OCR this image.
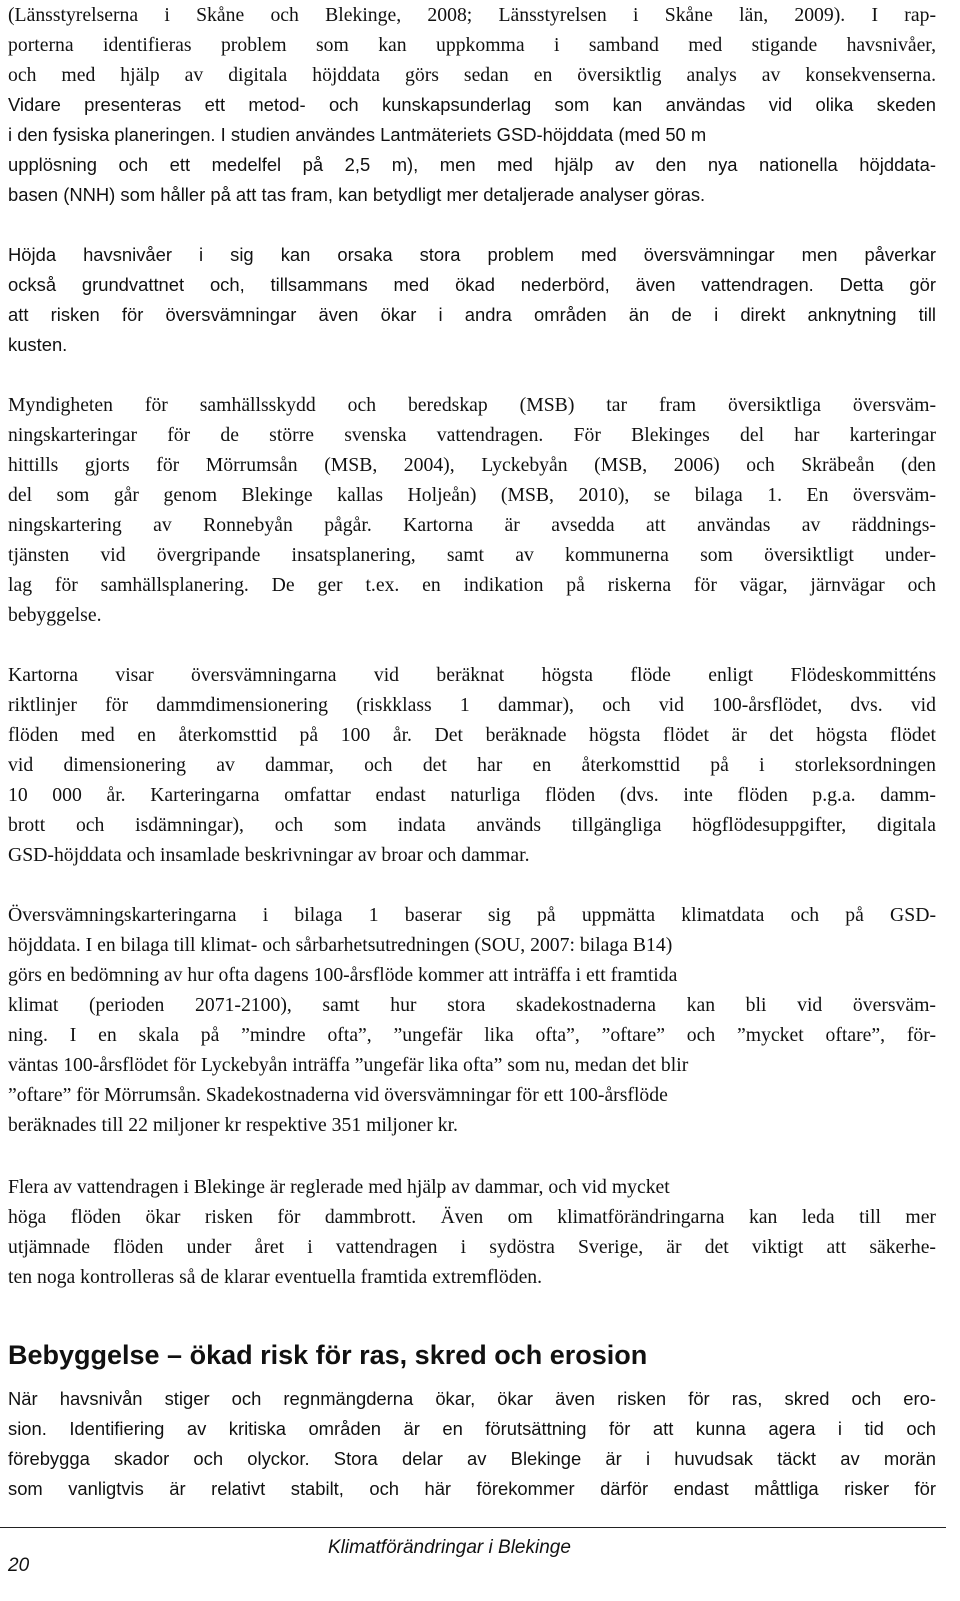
(Länsstyrelserna i Skåne och Blekinge, 2008; Länsstyrelsen i Skåne län, 2009). I rap-
porterna identifieras problem som kan uppkomma i samband med stigande havsnivåer,
och med hjälp av digitala höjddata görs sedan en översiktlig analys av konsekvenserna.
Vidare presenteras ett metod- och kunskapsunderlag som kan användas vid olika skeden
i den fysiska planeringen. I studien användes Lantmäteriets GSD-höjddata (med 50 m
upplösning och ett medelfel på 2,5 m), men med hjälp av den nya nationella höjddata-
basen (NNH) som håller på att tas fram, kan betydligt mer detaljerade analyser göras.
Höjda havsnivåer i sig kan orsaka stora problem med översvämningar men påverkar
också grundvattnet och, tillsammans med ökad nederbörd, även vattendragen. Detta gör
att risken för översvämningar även ökar i andra områden än de i direkt anknytning till
kusten.
Myndigheten för samhällsskydd och beredskap (MSB) tar fram översiktliga översväm-
ningskarteringar för de större svenska vattendragen. För Blekinges del har karteringar
hittills gjorts för Mörrumsån (MSB, 2004), Lyckebyån (MSB, 2006) och Skräbeån (den
del som går genom Blekinge kallas Holjeån) (MSB, 2010), se bilaga 1. En översväm-
ningskartering av Ronnebyån pågår. Kartorna är avsedda att användas av räddnings-
tjänsten vid övergripande insatsplanering, samt av kommunerna som översiktligt under-
lag för samhällsplanering. De ger t.ex. en indikation på riskerna för vägar, järnvägar och
bebyggelse.
Kartorna visar översvämningarna vid beräknat högsta flöde enligt Flödeskommitténs
riktlinjer för dammdimensionering (riskklass 1 dammar), och vid 100-årsflödet, dvs. vid
flöden med en återkomsttid på 100 år. Det beräknade högsta flödet är det högsta flödet
vid dimensionering av dammar, och det har en återkomsttid på i storleksordningen
10 000 år. Karteringarna omfattar endast naturliga flöden (dvs. inte flöden p.g.a. damm-
brott och isdämningar), och som indata används tillgängliga högflödesuppgifter, digitala
GSD-höjddata och insamlade beskrivningar av broar och dammar.
Översvämningskarteringarna i bilaga 1 baserar sig på uppmätta klimatdata och på GSD-
höjddata. I en bilaga till klimat- och sårbarhetsutredningen (SOU, 2007: bilaga B14)
görs en bedömning av hur ofta dagens 100-årsflöde kommer att inträffa i ett framtida
klimat (perioden 2071-2100), samt hur stora skadekostnaderna kan bli vid översväm-
ning. I en skala på ”mindre ofta”, ”ungefär lika ofta”, ”oftare” och ”mycket oftare”, för-
väntas 100-årsflödet för Lyckebyån inträffa ”ungefär lika ofta” som nu, medan det blir
”oftare” för Mörrumsån. Skadekostnaderna vid översvämningar för ett 100-årsflöde
beräknades till 22 miljoner kr respektive 351 miljoner kr.
Flera av vattendragen i Blekinge är reglerade med hjälp av dammar, och vid mycket
höga flöden ökar risken för dammbrott. Även om klimatförändringarna kan leda till mer
utjämnade flöden under året i vattendragen i sydöstra Sverige, är det viktigt att säkerhe-
ten noga kontrolleras så de klarar eventuella framtida extremflöden.
Bebyggelse – ökad risk för ras, skred och erosion
När havsnivån stiger och regnmängderna ökar, ökar även risken för ras, skred och ero-
sion. Identifiering av kritiska områden är en förutsättning för att kunna agera i tid och
förebygga skador och olyckor. Stora delar av Blekinge är i huvudsak täckt av morän
som vanligtvis är relativt stabilt, och här förekommer därför endast måttliga risker för
20
Klimatförändringar i Blekinge
